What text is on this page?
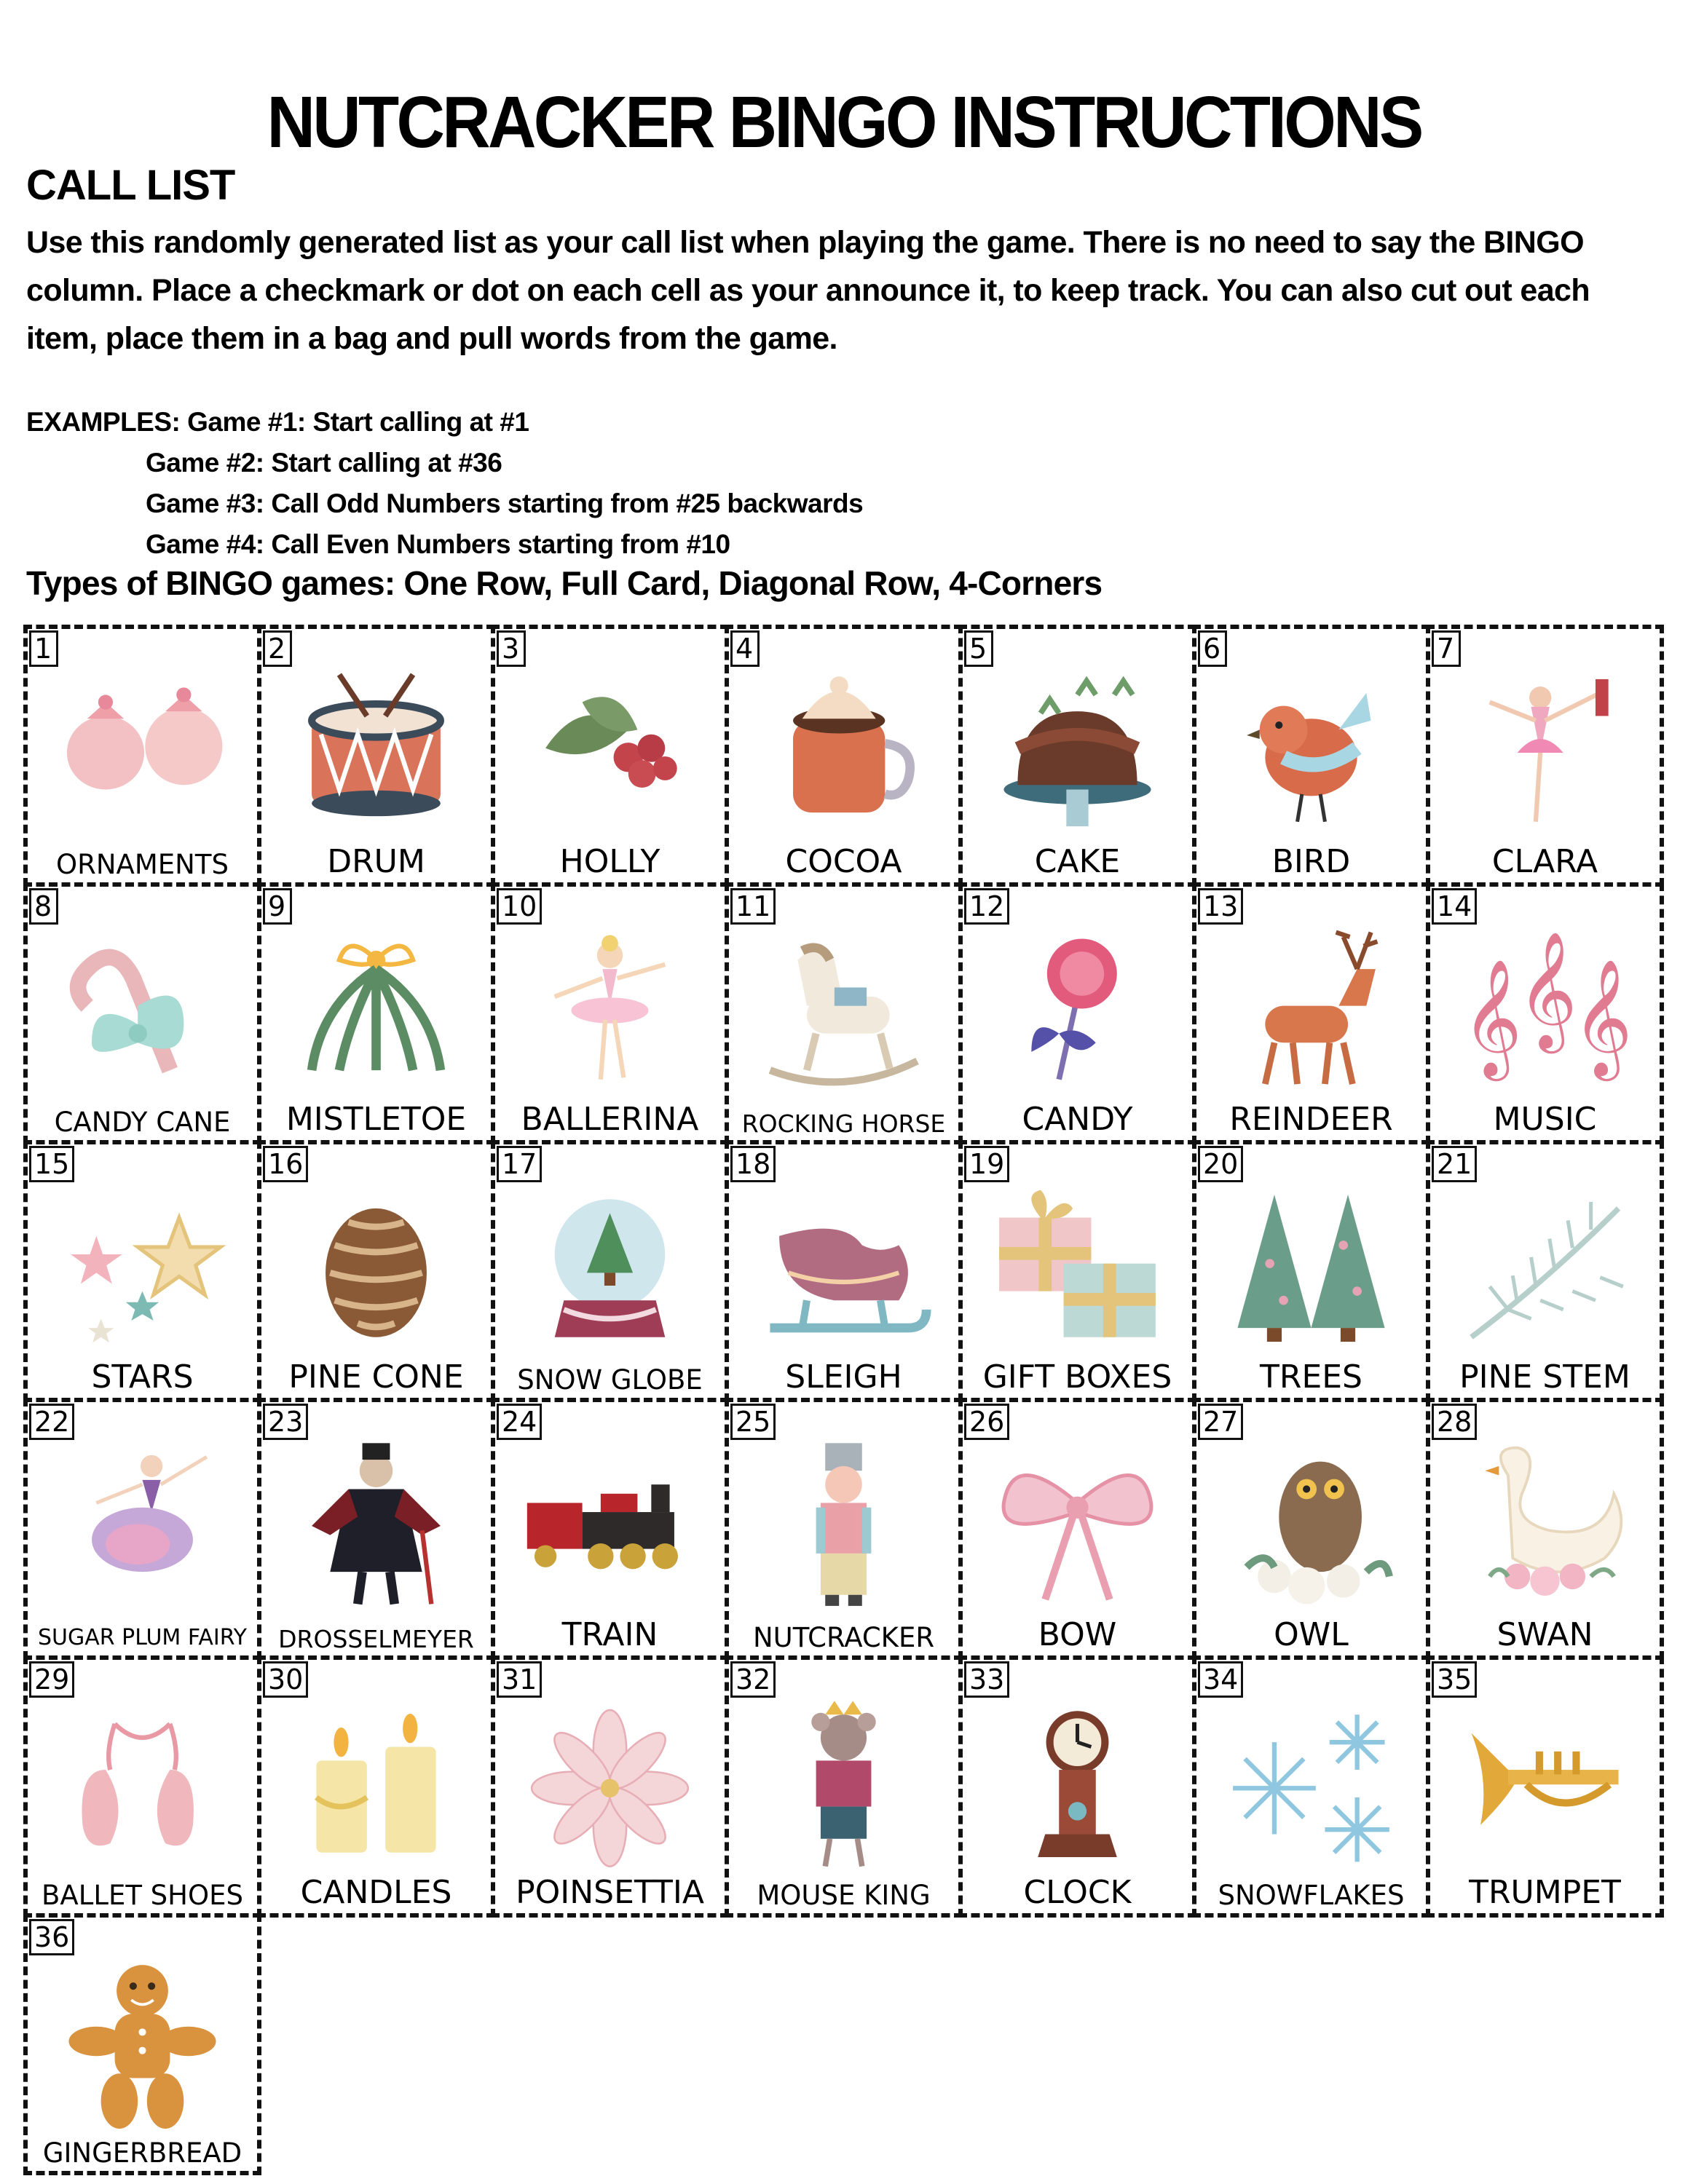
NUTCRACKER BINGO INSTRUCTIONS
CALL LIST

Use this randomly generated list as your call list when playing the game. There is no need to say the BINGO column. Place a checkmark or dot on each cell as your announce it, to keep track. You can also cut out each item, place them in a bag and pull words from the game.

EXAMPLES: Game #1: Start calling at #1
Game #2: Start calling at #36
Game #3: Call Odd Numbers starting from #25 backwards
Game #4: Call Even Numbers starting from #10
Types of BINGO games: One Row, Full Card, Diagonal Row, 4-Corners
1
ORNAMENTS
2
DRUM
3
HOLLY
4
COCOA
5
CAKE
6
BIRD
7
CLARA
8
CANDY CANE
9
MISTLETOE
10
BALLERINA
11
ROCKING HORSE
12
CANDY
13
REINDEER
14
𝄞
𝄞
𝄞
MUSIC
15
STARS
16
PINE CONE
17
SNOW GLOBE
18
SLEIGH
19
GIFT BOXES
20
TREES
21
PINE STEM
22
SUGAR PLUM FAIRY
23
DROSSELMEYER
24
TRAIN
25
NUTCRACKER
26
BOW
27
OWL
28
SWAN
29
BALLET SHOES
30
CANDLES
31
POINSETTIA
32
MOUSE KING
33
CLOCK
34
SNOWFLAKES
35
TRUMPET
36
GINGERBREAD
